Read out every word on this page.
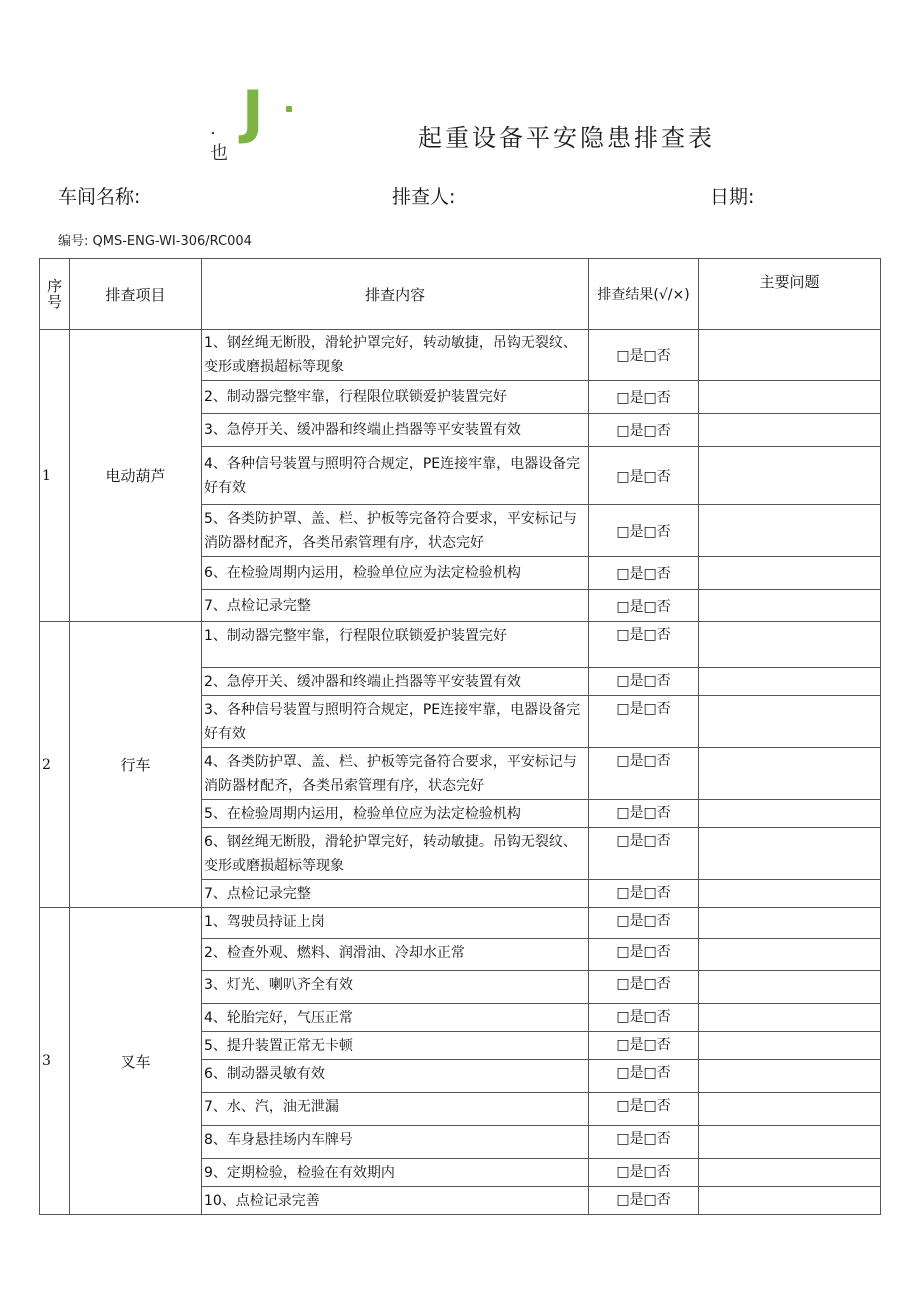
. 也
J	起重设备平安隐患排查表
车间名称:	排查人:	日期:
编号: QMS-ENG-WI-306/RC004
序号	排查项目	排查内容	排查结果(√/×)	主要问题
1	电动葫芦	1、钢丝绳无断股，滑轮护罩完好，转动敏捷，吊钩无裂纹、变形或磨损超标等现象	□是□否	
		2、制动器完整牢靠，行程限位联锁爱护装置完好	□是□否	
		3、急停开关、缓冲器和终端止挡器等平安装置有效	□是□否	
		4、各种信号装置与照明符合规定，PE连接牢靠，电器设备完好有效	□是□否	
		5、各类防护罩、盖、栏、护板等完备符合要求，平安标记与消防器材配齐，各类吊索管理有序，状态完好	□是□否	
		6、在检验周期内运用，检验单位应为法定检验机构	□是□否	
		7、点检记录完整	□是□否	
2	行车	1、制动器完整牢靠，行程限位联锁爱护装置完好	□是□否	
		2、急停开关、缓冲器和终端止挡器等平安装置有效	□是□否	
		3、各种信号装置与照明符合规定，PE连接牢靠，电器设备完好有效	□是□否	
		4、各类防护罩、盖、栏、护板等完备符合要求，平安标记与消防器材配齐，各类吊索管理有序，状态完好	□是□否	
		5、在检验周期内运用，检验单位应为法定检验机构	□是□否	
		6、钢丝绳无断股，滑轮护罩完好，转动敏捷。吊钩无裂纹、变形或磨损超标等现象	□是□否	
		7、点检记录完整	□是□否	
3	叉车	1、驾驶员持证上岗	□是□否	
		2、检查外观、燃料、润滑油、冷却水正常	□是□否	
		3、灯光、喇叭齐全有效	□是□否	
		4、轮胎完好，气压正常	□是□否	
		5、提升装置正常无卡顿	□是□否	
		6、制动器灵敏有效	□是□否	
		7、水、汽，油无泄漏	□是□否	
		8、车身悬挂场内车牌号	□是□否	
		9、定期检验，检验在有效期内	□是□否	
		10、点检记录完善	□是□否	
